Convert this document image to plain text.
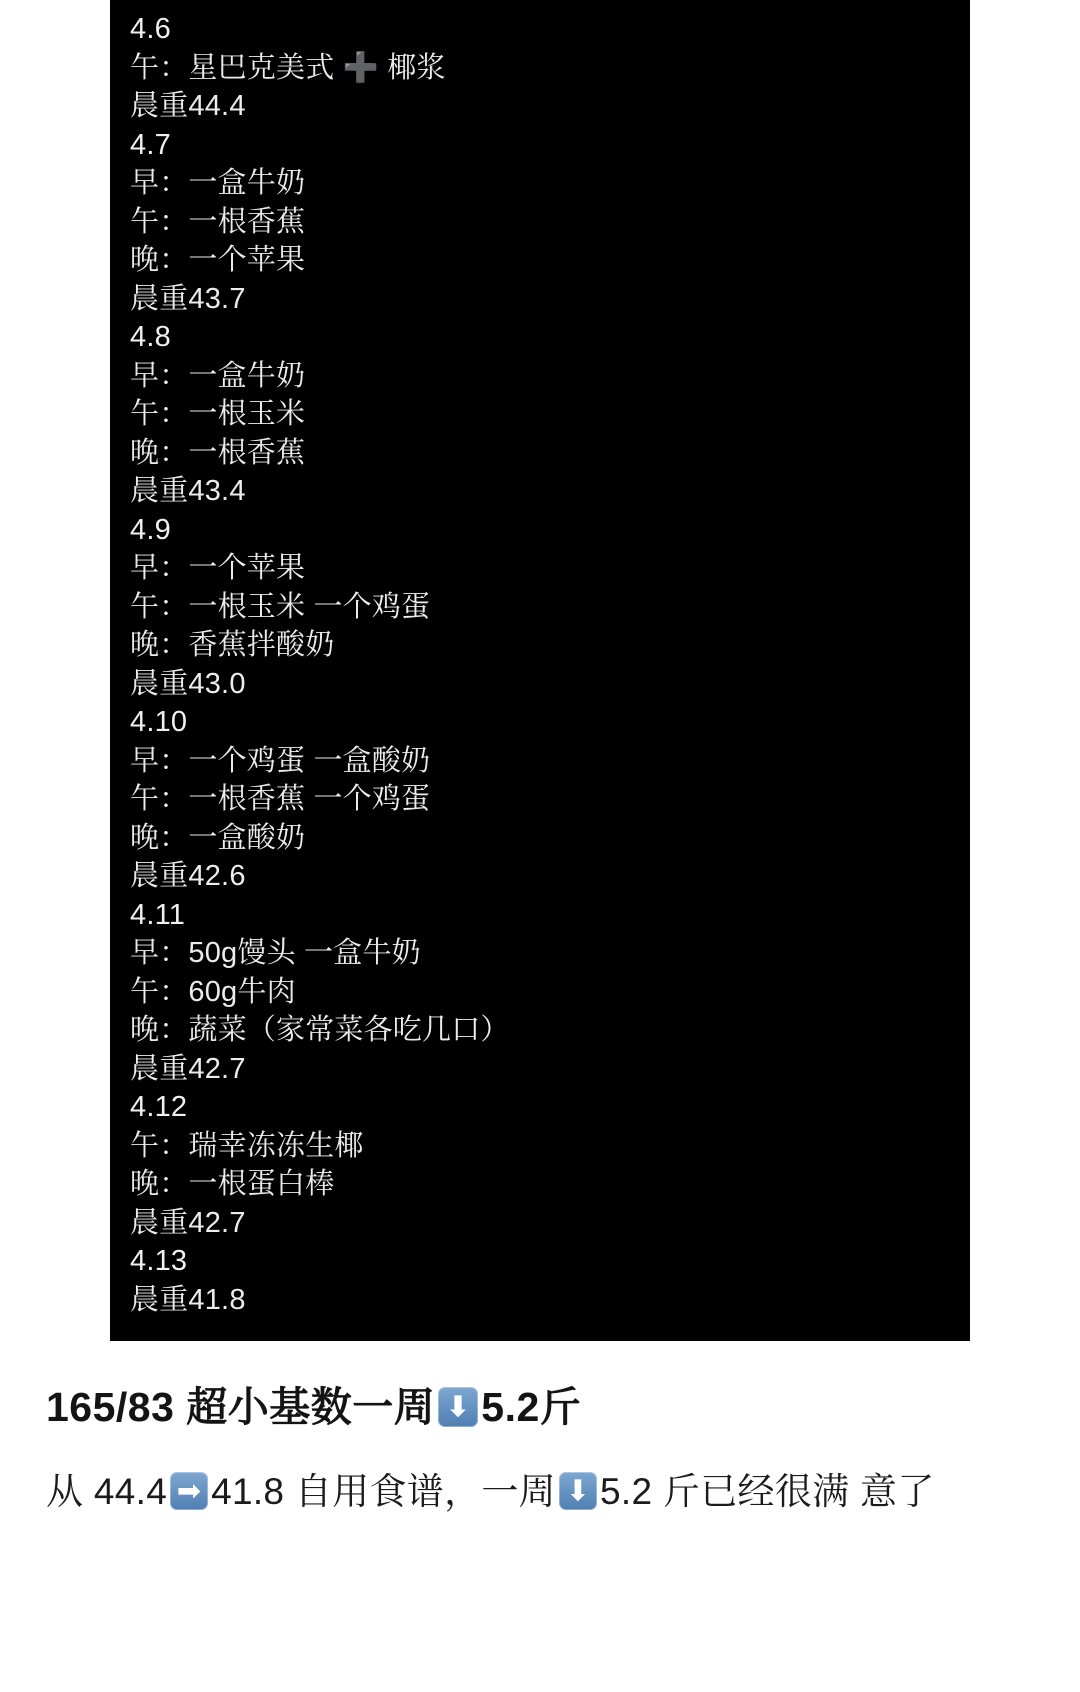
4.6
午：星巴克美式 ➕ 椰浆
晨重44.4
4.7
早：一盒牛奶
午：一根香蕉
晚：一个苹果
晨重43.7
4.8
早：一盒牛奶
午：一根玉米
晚：一根香蕉
晨重43.4
4.9
早：一个苹果
午：一根玉米 一个鸡蛋
晚：香蕉拌酸奶
晨重43.0
4.10
早：一个鸡蛋 一盒酸奶
午：一根香蕉 一个鸡蛋
晚：一盒酸奶
晨重42.6
4.11
早：50g馒头 一盒牛奶
午：60g牛肉
晚：蔬菜（家常菜各吃几口）
晨重42.7
4.12
午：瑞幸冻冻生椰
晚：一根蛋白棒
晨重42.7
4.13
晨重41.8
165/83 超小基数一周 ⬇ 5.2斤
从 44.4 ➡ 41.8 自用食谱，一周 ⬇ 5.2 斤已经很满 意了
